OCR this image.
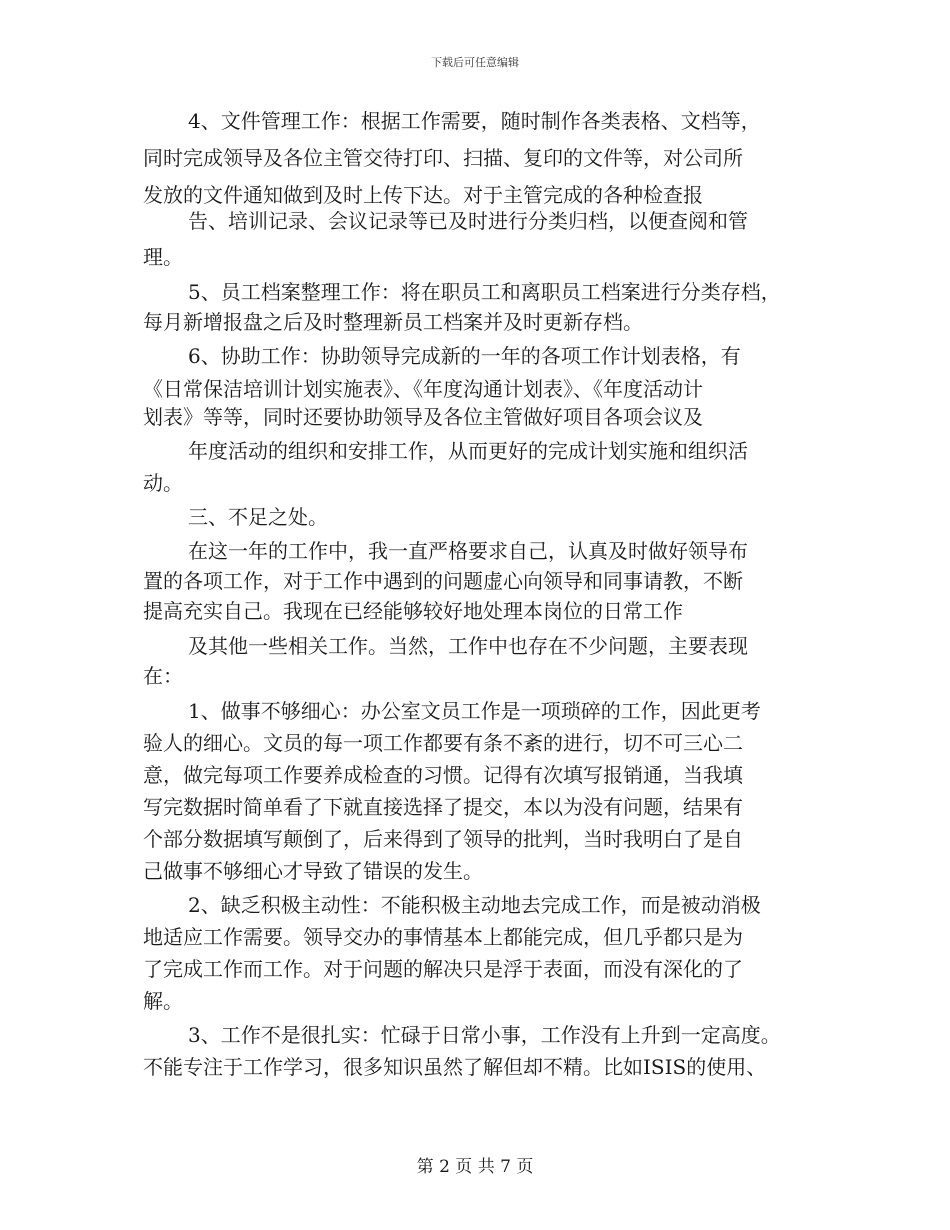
下载后可任意编辑
4、文件管理工作：根据工作需要，随时制作各类表格、文档等，
同时完成领导及各位主管交待打印、扫描、复印的文件等，对公司所
发放的文件通知做到及时上传下达。对于主管完成的各种检查报
告、培训记录、会议记录等已及时进行分类归档，以便查阅和管
理。
5、员工档案整理工作：将在职员工和离职员工档案进行分类存档，
每月新增报盘之后及时整理新员工档案并及时更新存档。
6、协助工作：协助领导完成新的一年的各项工作计划表格，有
《日常保洁培训计划实施表》、《年度沟通计划表》、《年度活动计
划表》等等，同时还要协助领导及各位主管做好项目各项会议及
年度活动的组织和安排工作，从而更好的完成计划实施和组织活
动。
三、不足之处。
在这一年的工作中，我一直严格要求自己，认真及时做好领导布
置的各项工作，对于工作中遇到的问题虚心向领导和同事请教，不断
提高充实自己。我现在已经能够较好地处理本岗位的日常工作
及其他一些相关工作。当然，工作中也存在不少问题，主要表现
在：
1、做事不够细心：办公室文员工作是一项琐碎的工作，因此更考
验人的细心。文员的每一项工作都要有条不紊的进行，切不可三心二
意，做完每项工作要养成检查的习惯。记得有次填写报销通，当我填
写完数据时简单看了下就直接选择了提交，本以为没有问题，结果有
个部分数据填写颠倒了，后来得到了领导的批判，当时我明白了是自
己做事不够细心才导致了错误的发生。
2、缺乏积极主动性：不能积极主动地去完成工作，而是被动消极
地适应工作需要。领导交办的事情基本上都能完成，但几乎都只是为
了完成工作而工作。对于问题的解决只是浮于表面，而没有深化的了
解。
3、工作不是很扎实：忙碌于日常小事，工作没有上升到一定高度。
不能专注于工作学习，很多知识虽然了解但却不精。比如ISIS的使用、
第 2 页 共 7 页
